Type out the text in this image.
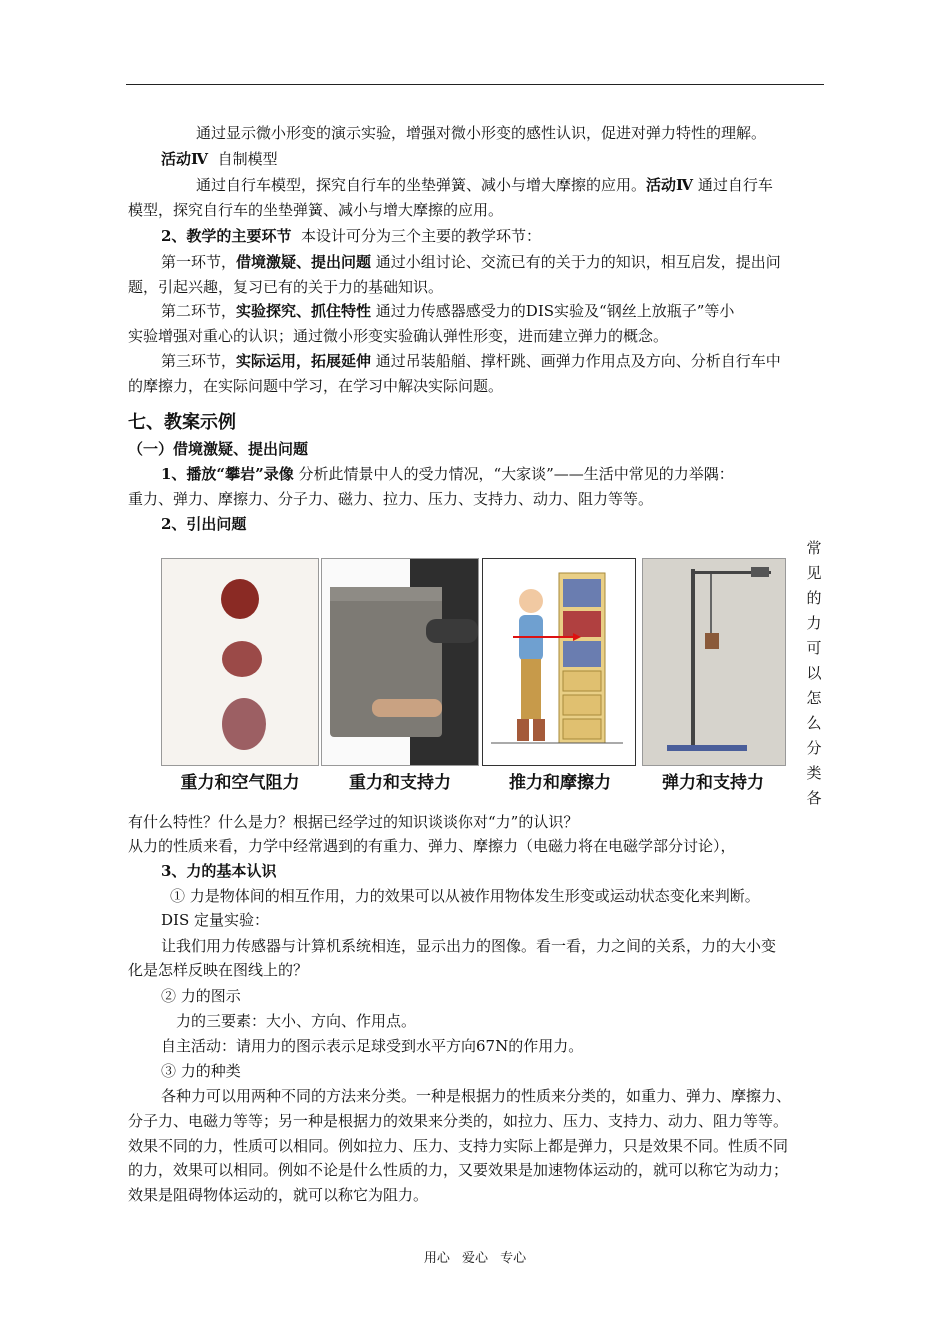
通过显示微小形变的演示实验，增强对微小形变的感性认识，促进对弹力特性的理解。
活动Ⅳ 自制模型
通过自行车模型，探究自行车的坐垫弹簧、减小与增大摩擦的应用。活动Ⅳ 通过自行车
模型，探究自行车的坐垫弹簧、减小与增大摩擦的应用。
2、教学的主要环节 本设计可分为三个主要的教学环节：
第一环节，借境激疑、提出问题 通过小组讨论、交流已有的关于力的知识，相互启发，提出问
题，引起兴趣，复习已有的关于力的基础知识。
第二环节，实验探究、抓住特性 通过力传感器感受力的DIS实验及“钢丝上放瓶子”等小
实验增强对重心的认识；通过微小形变实验确认弹性形变，进而建立弹力的概念。
第三环节，实际运用，拓展延伸 通过吊装船艏、撑杆跳、画弹力作用点及方向、分析自行车中
的摩擦力，在实际问题中学习，在学习中解决实际问题。
七、教案示例
（一）借境激疑、提出问题
1、播放“攀岩”录像 分析此情景中人的受力情况，“大家谈”——生活中常见的力举隅：
重力、弹力、摩擦力、分子力、磁力、拉力、压力、支持力、动力、阻力等等。
2、引出问题
常
见
的
力
可
以
怎
么
分
类
各
重力和空气阻力	重力和支持力	推力和摩擦力	弹力和支持力
有什么特性？什么是力？根据已经学过的知识谈谈你对“力”的认识？
从力的性质来看，力学中经常遇到的有重力、弹力、摩擦力（电磁力将在电磁学部分讨论），
3、力的基本认识
① 力是物体间的相互作用，力的效果可以从被作用物体发生形变或运动状态变化来判断。
DIS 定量实验：
让我们用力传感器与计算机系统相连，显示出力的图像。看一看，力之间的关系，力的大小变
化是怎样反映在图线上的？
② 力的图示
力的三要素：大小、方向、作用点。
自主活动：请用力的图示表示足球受到水平方向67N的作用力。
③ 力的种类
各种力可以用两种不同的方法来分类。一种是根据力的性质来分类的，如重力、弹力、摩擦力、
分子力、电磁力等等；另一种是根据力的效果来分类的，如拉力、压力、支持力、动力、阻力等等。
效果不同的力，性质可以相同。例如拉力、压力、支持力实际上都是弹力，只是效果不同。性质不同
的力，效果可以相同。例如不论是什么性质的力，又要效果是加速物体运动的，就可以称它为动力；
效果是阻碍物体运动的，就可以称它为阻力。
用心 爱心 专心
